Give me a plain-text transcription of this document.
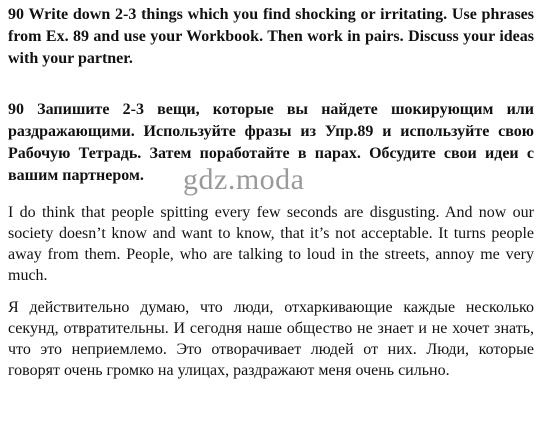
90 Write down 2-3 things which you find shocking or irritating. Use phrases from Ex. 89 and use your Workbook. Then work in pairs. Discuss your ideas with your partner.

90 Запишите 2-3 вещи, которые вы найдете шокирующим или раздражающими. Используйте фразы из Упр.89 и используйте свою Рабочую Тетрадь. Затем поработайте в парах. Обсудите свои идеи с вашим партнером.

I do think that people spitting every few seconds are disgusting. And now our society doesn’t know and want to know, that it’s not acceptable. It turns people away from them. People, who are talking to loud in the streets, annoy me very much.

Я действительно думаю, что люди, отхаркивающие каждые несколько секунд, отвратительны. И сегодня наше общество не знает и не хочет знать, что это неприемлемо. Это отворачивает людей от них. Люди, которые говорят очень громко на улицах, раздражают меня очень сильно.

gdz.moda
